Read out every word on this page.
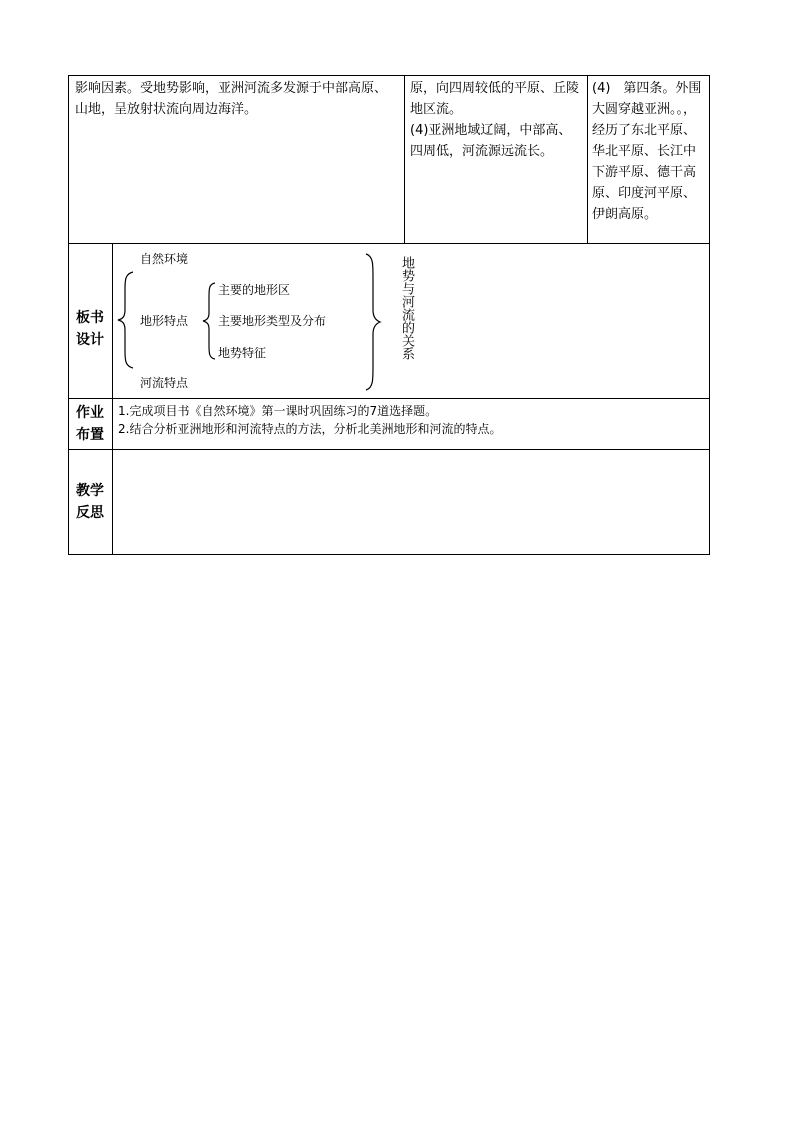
影响因素。受地势影响，亚洲河流多发源于中部高原、山地，呈放射状流向周边海洋。
原，向四周较低的平原、丘陵地区流。
(4)亚洲地域辽阔，中部高、四周低，河流源远流长。
(4)　第四条。外围大圆穿越亚洲。。，经历了东北平原、华北平原、长江中下游平原、德干高原、印度河平原、伊朗高原。
板书
设计
自然环境
地形特点
主要的地形区
主要地形类型及分布
地势特征
河流特点
地势与河流的关系
作业
布置
1.完成项目书《自然环境》第一课时巩固练习的7道选择题。
2.结合分析亚洲地形和河流特点的方法，分析北美洲地形和河流的特点。
教学
反思
